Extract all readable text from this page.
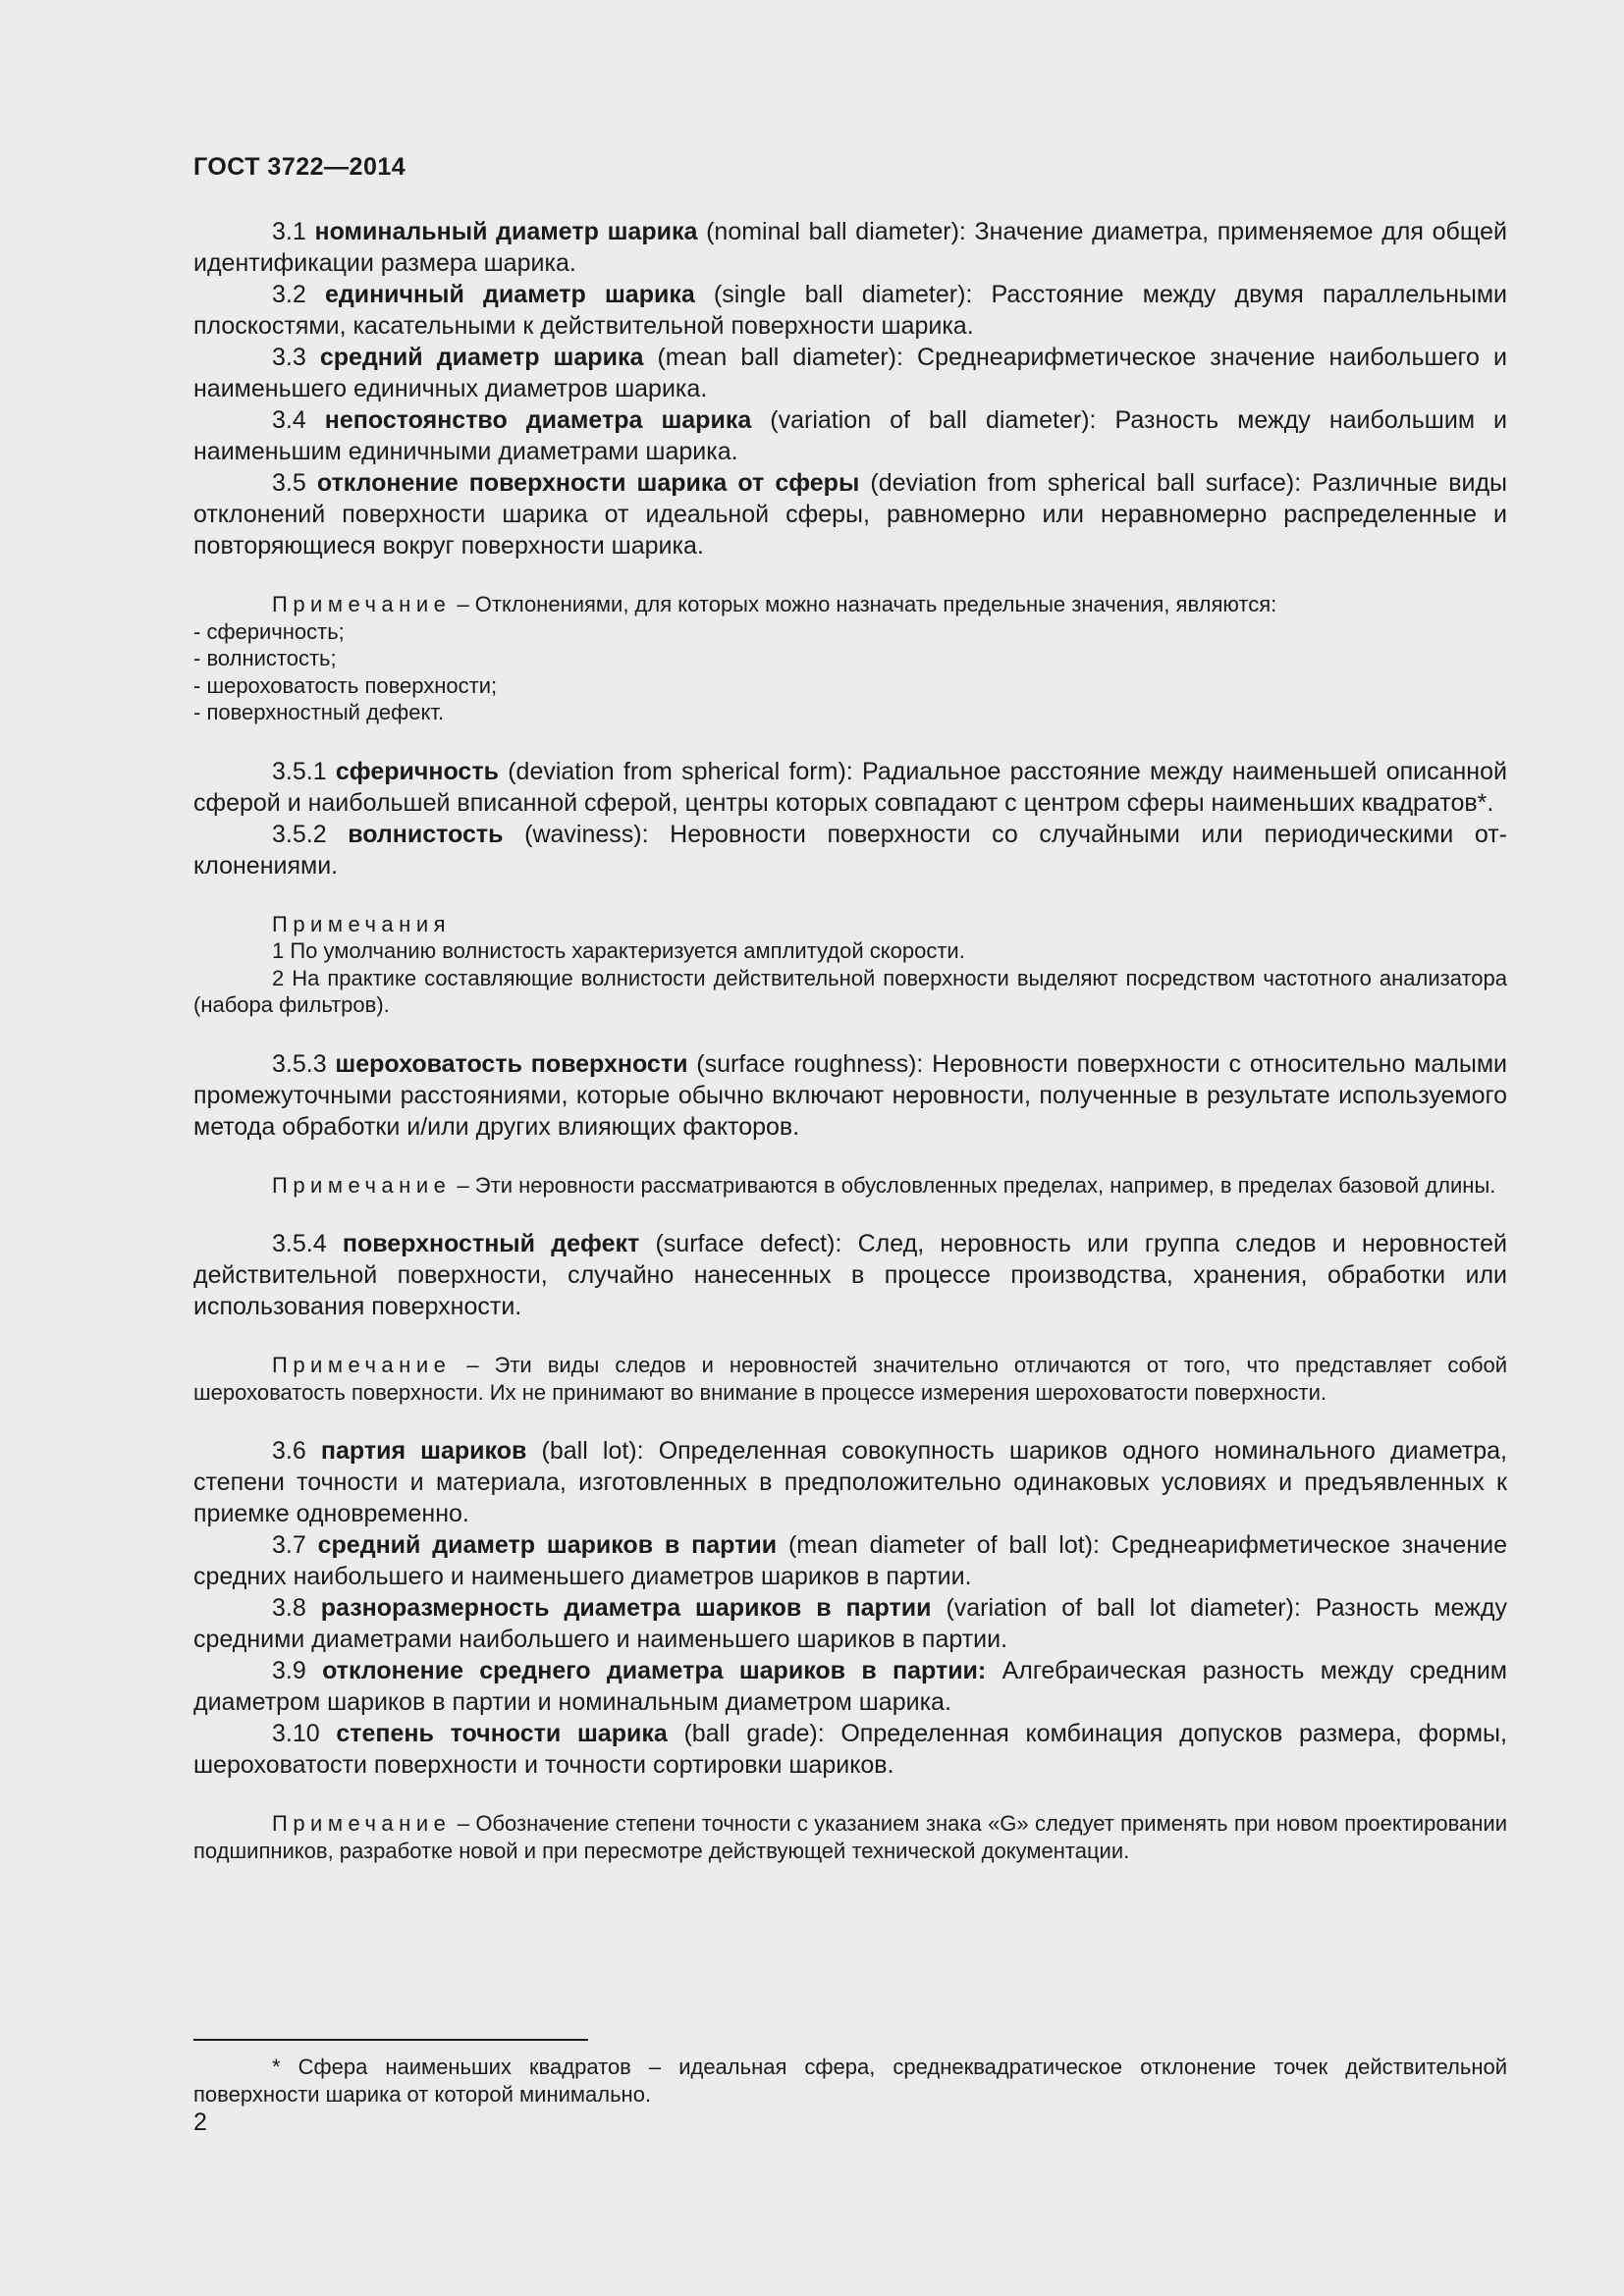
ГОСТ 3722—2014

3.1 номинальный диаметр шарика (nominal ball diameter): Значение диаметра, применяемое для общей идентификации размера шарика.

3.2 единичный диаметр шарика (single ball diameter): Расстояние между двумя параллельными плоскостями, касательными к действительной поверхности шарика.

3.3 средний диаметр шарика (mean ball diameter): Среднеарифметическое значение наибольшего и наименьшего единичных диаметров шарика.

3.4 непостоянство диаметра шарика (variation of ball diameter): Разность между наибольшим и наименьшим единичными диаметрами шарика.

3.5 отклонение поверхности шарика от сферы (deviation from spherical ball surface): Различные виды отклонений поверхности шарика от идеальной сферы, равномерно или неравномерно распределенные и повторяющиеся вокруг поверхности шарика.

Примечание – Отклонениями, для которых можно назначать предельные значения, являются:
- сферичность;
- волнистость;
- шероховатость поверхности;
- поверхностный дефект.

3.5.1 сферичность (deviation from spherical form): Радиальное расстояние между наименьшей описанной сферой и наибольшей вписанной сферой, центры которых совпадают с центром сферы наименьших квадратов*.

3.5.2 волнистость (waviness): Неровности поверхности со случайными или периодическими отклонениями.

Примечания
1 По умолчанию волнистость характеризуется амплитудой скорости.
2 На практике составляющие волнистости действительной поверхности выделяют посредством частотного анализатора (набора фильтров).

3.5.3 шероховатость поверхности (surface roughness): Неровности поверхности с относительно малыми промежуточными расстояниями, которые обычно включают неровности, полученные в результате используемого метода обработки и/или других влияющих факторов.

Примечание – Эти неровности рассматриваются в обусловленных пределах, например, в пределах базовой длины.

3.5.4 поверхностный дефект (surface defect): След, неровность или группа следов и неровностей действительной поверхности, случайно нанесенных в процессе производства, хранения, обработки или использования поверхности.

Примечание – Эти виды следов и неровностей значительно отличаются от того, что представляет собой шероховатость поверхности. Их не принимают во внимание в процессе измерения шероховатости поверхности.

3.6 партия шариков (ball lot): Определенная совокупность шариков одного номинального диаметра, степени точности и материала, изготовленных в предположительно одинаковых условиях и предъявленных к приемке одновременно.

3.7 средний диаметр шариков в партии (mean diameter of ball lot): Среднеарифметическое значение средних наибольшего и наименьшего диаметров шариков в партии.

3.8 разноразмерность диаметра шариков в партии (variation of ball lot diameter): Разность между средними диаметрами наибольшего и наименьшего шариков в партии.

3.9 отклонение среднего диаметра шариков в партии: Алгебраическая разность между средним диаметром шариков в партии и номинальным диаметром шарика.

3.10 степень точности шарика (ball grade): Определенная комбинация допусков размера, формы, шероховатости поверхности и точности сортировки шариков.

Примечание – Обозначение степени точности с указанием знака «G» следует применять при новом проектировании подшипников, разработке новой и при пересмотре действующей технической документации.
* Сфера наименьших квадратов – идеальная сфера, среднеквадратическое отклонение точек действительной поверхности шарика от которой минимально.
2
